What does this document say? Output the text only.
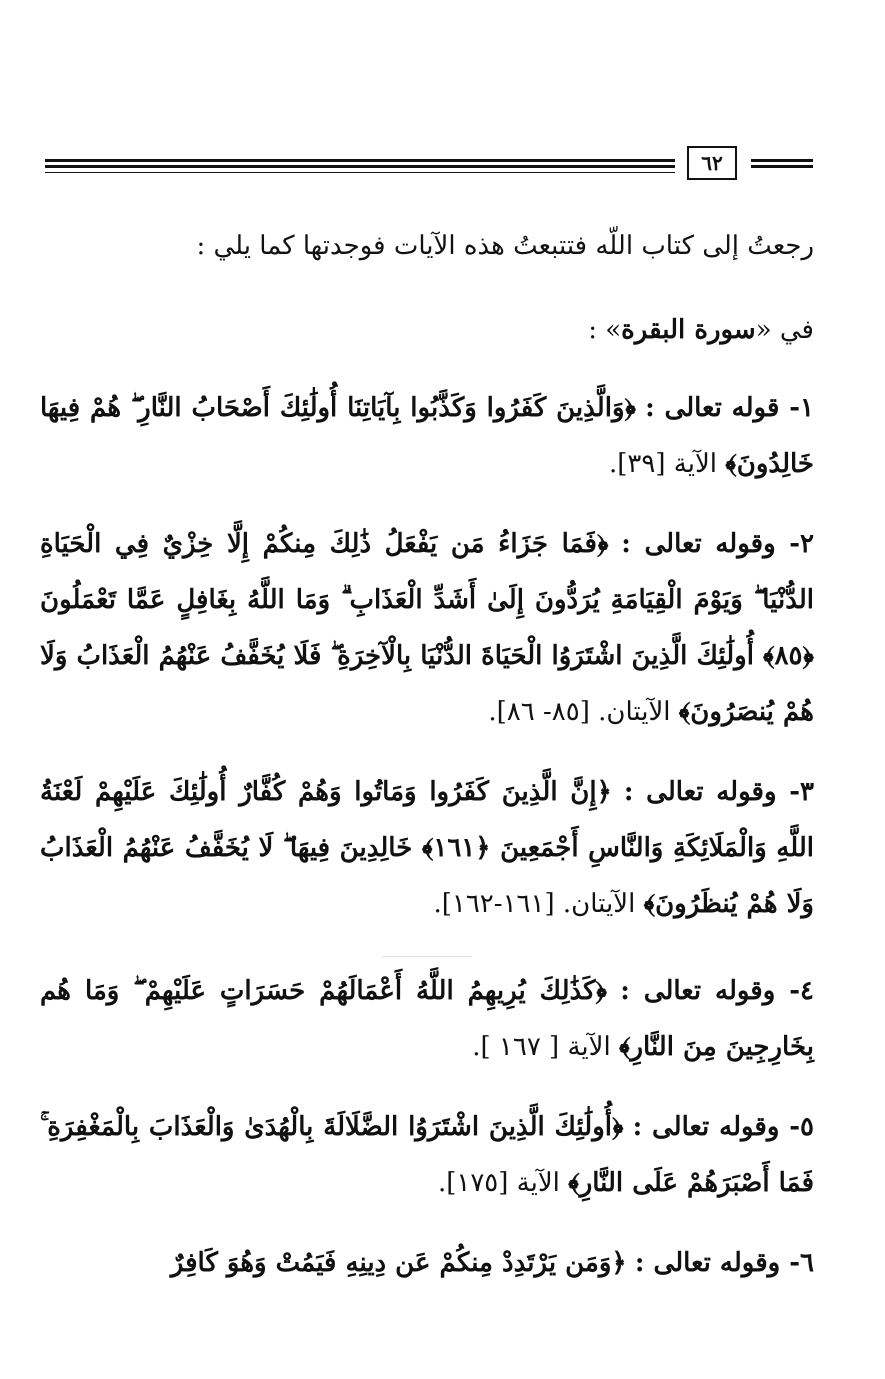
٦٢

رجعتُ إلى كتاب اللّه فتتبعتُ هذه الآيات فوجدتها كما يلي :

في «سورة البقرة» :

١- قوله تعالى : ﴿وَالَّذِينَ كَفَرُوا وَكَذَّبُوا بِآيَاتِنَا أُولَٰئِكَ أَصْحَابُ النَّارِ ۖ هُمْ فِيهَا خَالِدُونَ﴾ الآية [٣٩].

٢- وقوله تعالى : ﴿فَمَا جَزَاءُ مَن يَفْعَلُ ذَٰلِكَ مِنكُمْ إِلَّا خِزْيٌ فِي الْحَيَاةِ الدُّنْيَا ۖ وَيَوْمَ الْقِيَامَةِ يُرَدُّونَ إِلَىٰ أَشَدِّ الْعَذَابِ ۗ وَمَا اللَّهُ بِغَافِلٍ عَمَّا تَعْمَلُونَ ﴿٨٥﴾ أُولَٰئِكَ الَّذِينَ اشْتَرَوُا الْحَيَاةَ الدُّنْيَا بِالْآخِرَةِ ۖ فَلَا يُخَفَّفُ عَنْهُمُ الْعَذَابُ وَلَا هُمْ يُنصَرُونَ﴾ الآيتان. [٨٥- ٨٦].

٣- وقوله تعالى : ﴿إِنَّ الَّذِينَ كَفَرُوا وَمَاتُوا وَهُمْ كُفَّارٌ أُولَٰئِكَ عَلَيْهِمْ لَعْنَةُ اللَّهِ وَالْمَلَائِكَةِ وَالنَّاسِ أَجْمَعِينَ ﴿١٦١﴾ خَالِدِينَ فِيهَا ۖ لَا يُخَفَّفُ عَنْهُمُ الْعَذَابُ وَلَا هُمْ يُنظَرُونَ﴾ الآيتان. [١٦١-١٦٢].

٤- وقوله تعالى : ﴿كَذَٰلِكَ يُرِيهِمُ اللَّهُ أَعْمَالَهُمْ حَسَرَاتٍ عَلَيْهِمْ ۖ وَمَا هُم بِخَارِجِينَ مِنَ النَّارِ﴾ الآية [ ١٦٧ ].

٥- وقوله تعالى : ﴿أُولَٰئِكَ الَّذِينَ اشْتَرَوُا الضَّلَالَةَ بِالْهُدَىٰ وَالْعَذَابَ بِالْمَغْفِرَةِ ۚ فَمَا أَصْبَرَهُمْ عَلَى النَّارِ﴾ الآية [١٧٥].

٦- وقوله تعالى : ﴿وَمَن يَرْتَدِدْ مِنكُمْ عَن دِينِهِ فَيَمُتْ وَهُوَ كَافِرٌ
